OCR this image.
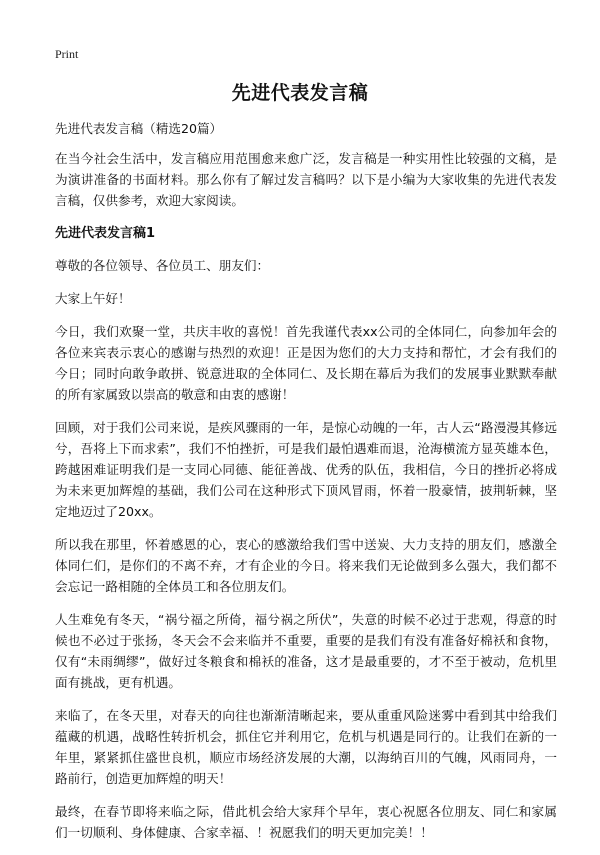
Print
先进代表发言稿
先进代表发言稿（精选20篇）
在当今社会生活中，发言稿应用范围愈来愈广泛，发言稿是一种实用性比较强的文稿，是为演讲准备的书面材料。那么你有了解过发言稿吗？以下是小编为大家收集的先进代表发言稿，仅供参考，欢迎大家阅读。
先进代表发言稿1
尊敬的各位领导、各位员工、朋友们：
大家上午好！
今日，我们欢聚一堂，共庆丰收的喜悦！首先我谨代表xx公司的全体同仁，向参加年会的各位来宾表示衷心的感谢与热烈的欢迎！正是因为您们的大力支持和帮忙，才会有我们的今日；同时向敢争敢拼、锐意进取的全体同仁、及长期在幕后为我们的发展事业默默奉献的所有家属致以崇高的敬意和由衷的感谢！
回顾，对于我们公司来说，是疾风骤雨的一年，是惊心动魄的一年，古人云“路漫漫其修远兮，吾将上下而求索”，我们不怕挫折，可是我们最怕遇难而退，沧海横流方显英雄本色，跨越困难证明我们是一支同心同德、能征善战、优秀的队伍，我相信，今日的挫折必将成为未来更加辉煌的基础，我们公司在这种形式下顶风冒雨，怀着一股豪情，披荆斩棘，坚定地迈过了20xx。
所以我在那里，怀着感恩的心，衷心的感激给我们雪中送炭、大力支持的朋友们，感激全体同仁们，是你们的不离不弃，才有企业的今日。将来我们无论做到多么强大，我们都不会忘记一路相随的全体员工和各位朋友们。
人生难免有冬天，“祸兮福之所倚，福兮祸之所伏”，失意的时候不必过于悲观，得意的时候也不必过于张扬，冬天会不会来临并不重要，重要的是我们有没有准备好棉袄和食物，仅有“未雨绸缪”，做好过冬粮食和棉袄的准备，这才是最重要的，才不至于被动，危机里面有挑战，更有机遇。
来临了，在冬天里，对春天的向往也渐渐清晰起来，要从重重风险迷雾中看到其中给我们蕴藏的机遇，战略性转折机会，抓住它并利用它，危机与机遇是同行的。让我们在新的一年里，紧紧抓住盛世良机，顺应市场经济发展的大潮，以海纳百川的气魄，风雨同舟，一路前行，创造更加辉煌的明天！
最终，在春节即将来临之际，借此机会给大家拜个早年，衷心祝愿各位朋友、同仁和家属们一切顺利、身体健康、合家幸福、！祝愿我们的明天更加完美！！
